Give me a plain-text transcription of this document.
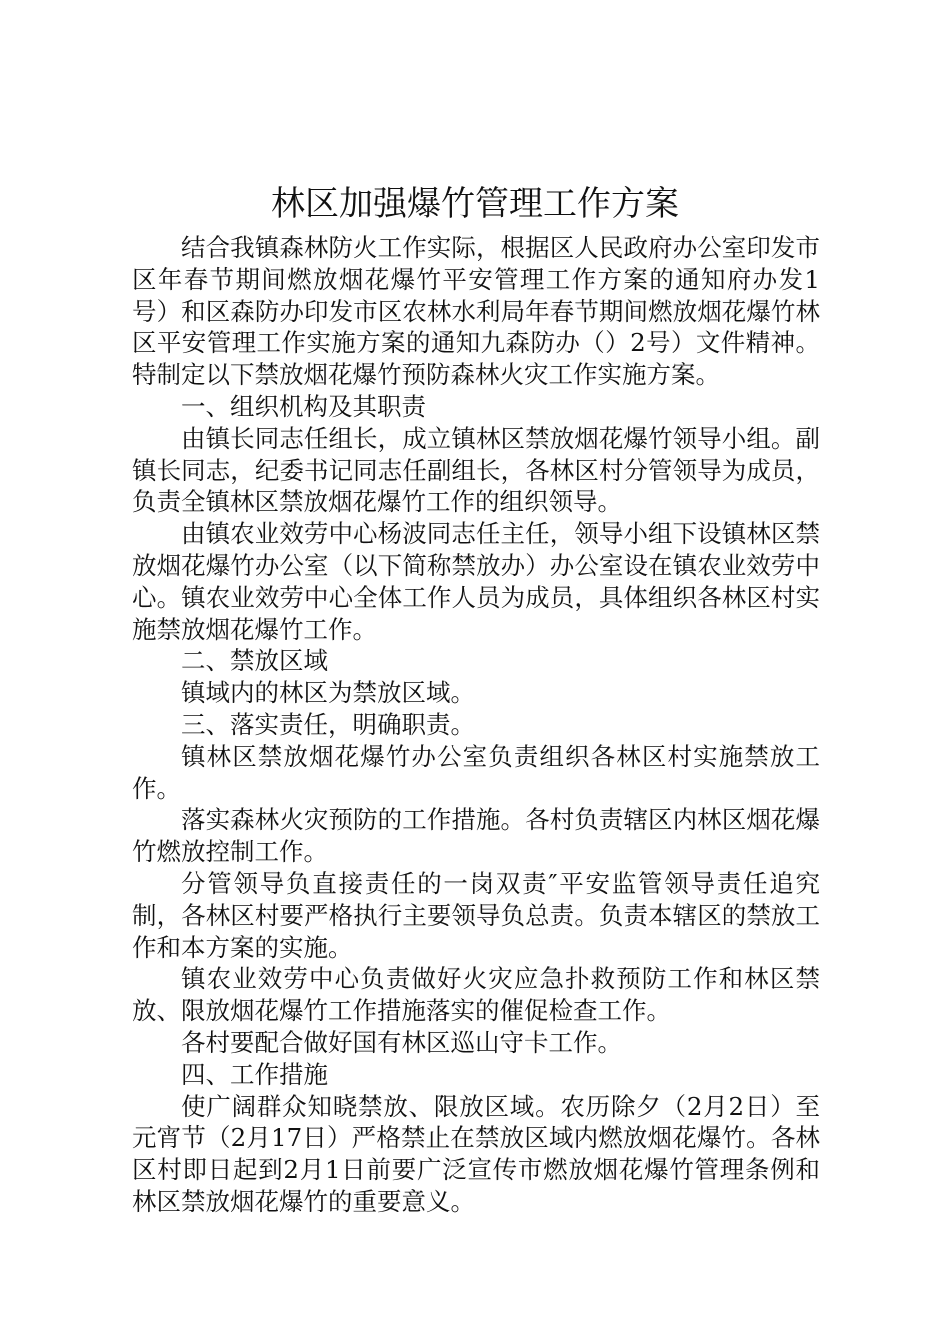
林区加强爆竹管理工作方案

结合我镇森林防火工作实际，根据区人民政府办公室印发市区年春节期间燃放烟花爆竹平安管理工作方案的通知府办发1号）和区森防办印发市区农林水利局年春节期间燃放烟花爆竹林区平安管理工作实施方案的通知九森防办（）2号）文件精神。特制定以下禁放烟花爆竹预防森林火灾工作实施方案。

一、组织机构及其职责

由镇长同志任组长，成立镇林区禁放烟花爆竹领导小组。副镇长同志，纪委书记同志任副组长，各林区村分管领导为成员，负责全镇林区禁放烟花爆竹工作的组织领导。

由镇农业效劳中心杨波同志任主任，领导小组下设镇林区禁放烟花爆竹办公室（以下简称禁放办）办公室设在镇农业效劳中心。镇农业效劳中心全体工作人员为成员，具体组织各林区村实施禁放烟花爆竹工作。

二、禁放区域

镇域内的林区为禁放区域。

三、落实责任，明确职责。

镇林区禁放烟花爆竹办公室负责组织各林区村实施禁放工作。

落实森林火灾预防的工作措施。各村负责辖区内林区烟花爆竹燃放控制工作。

分管领导负直接责任的一岗双责″平安监管领导责任追究制，各林区村要严格执行主要领导负总责。负责本辖区的禁放工作和本方案的实施。

镇农业效劳中心负责做好火灾应急扑救预防工作和林区禁放、限放烟花爆竹工作措施落实的催促检查工作。

各村要配合做好国有林区巡山守卡工作。

四、工作措施

使广阔群众知晓禁放、限放区域。农历除夕（2月2日）至元宵节（2月17日）严格禁止在禁放区域内燃放烟花爆竹。各林区村即日起到2月1日前要广泛宣传市燃放烟花爆竹管理条例和林区禁放烟花爆竹的重要意义。
